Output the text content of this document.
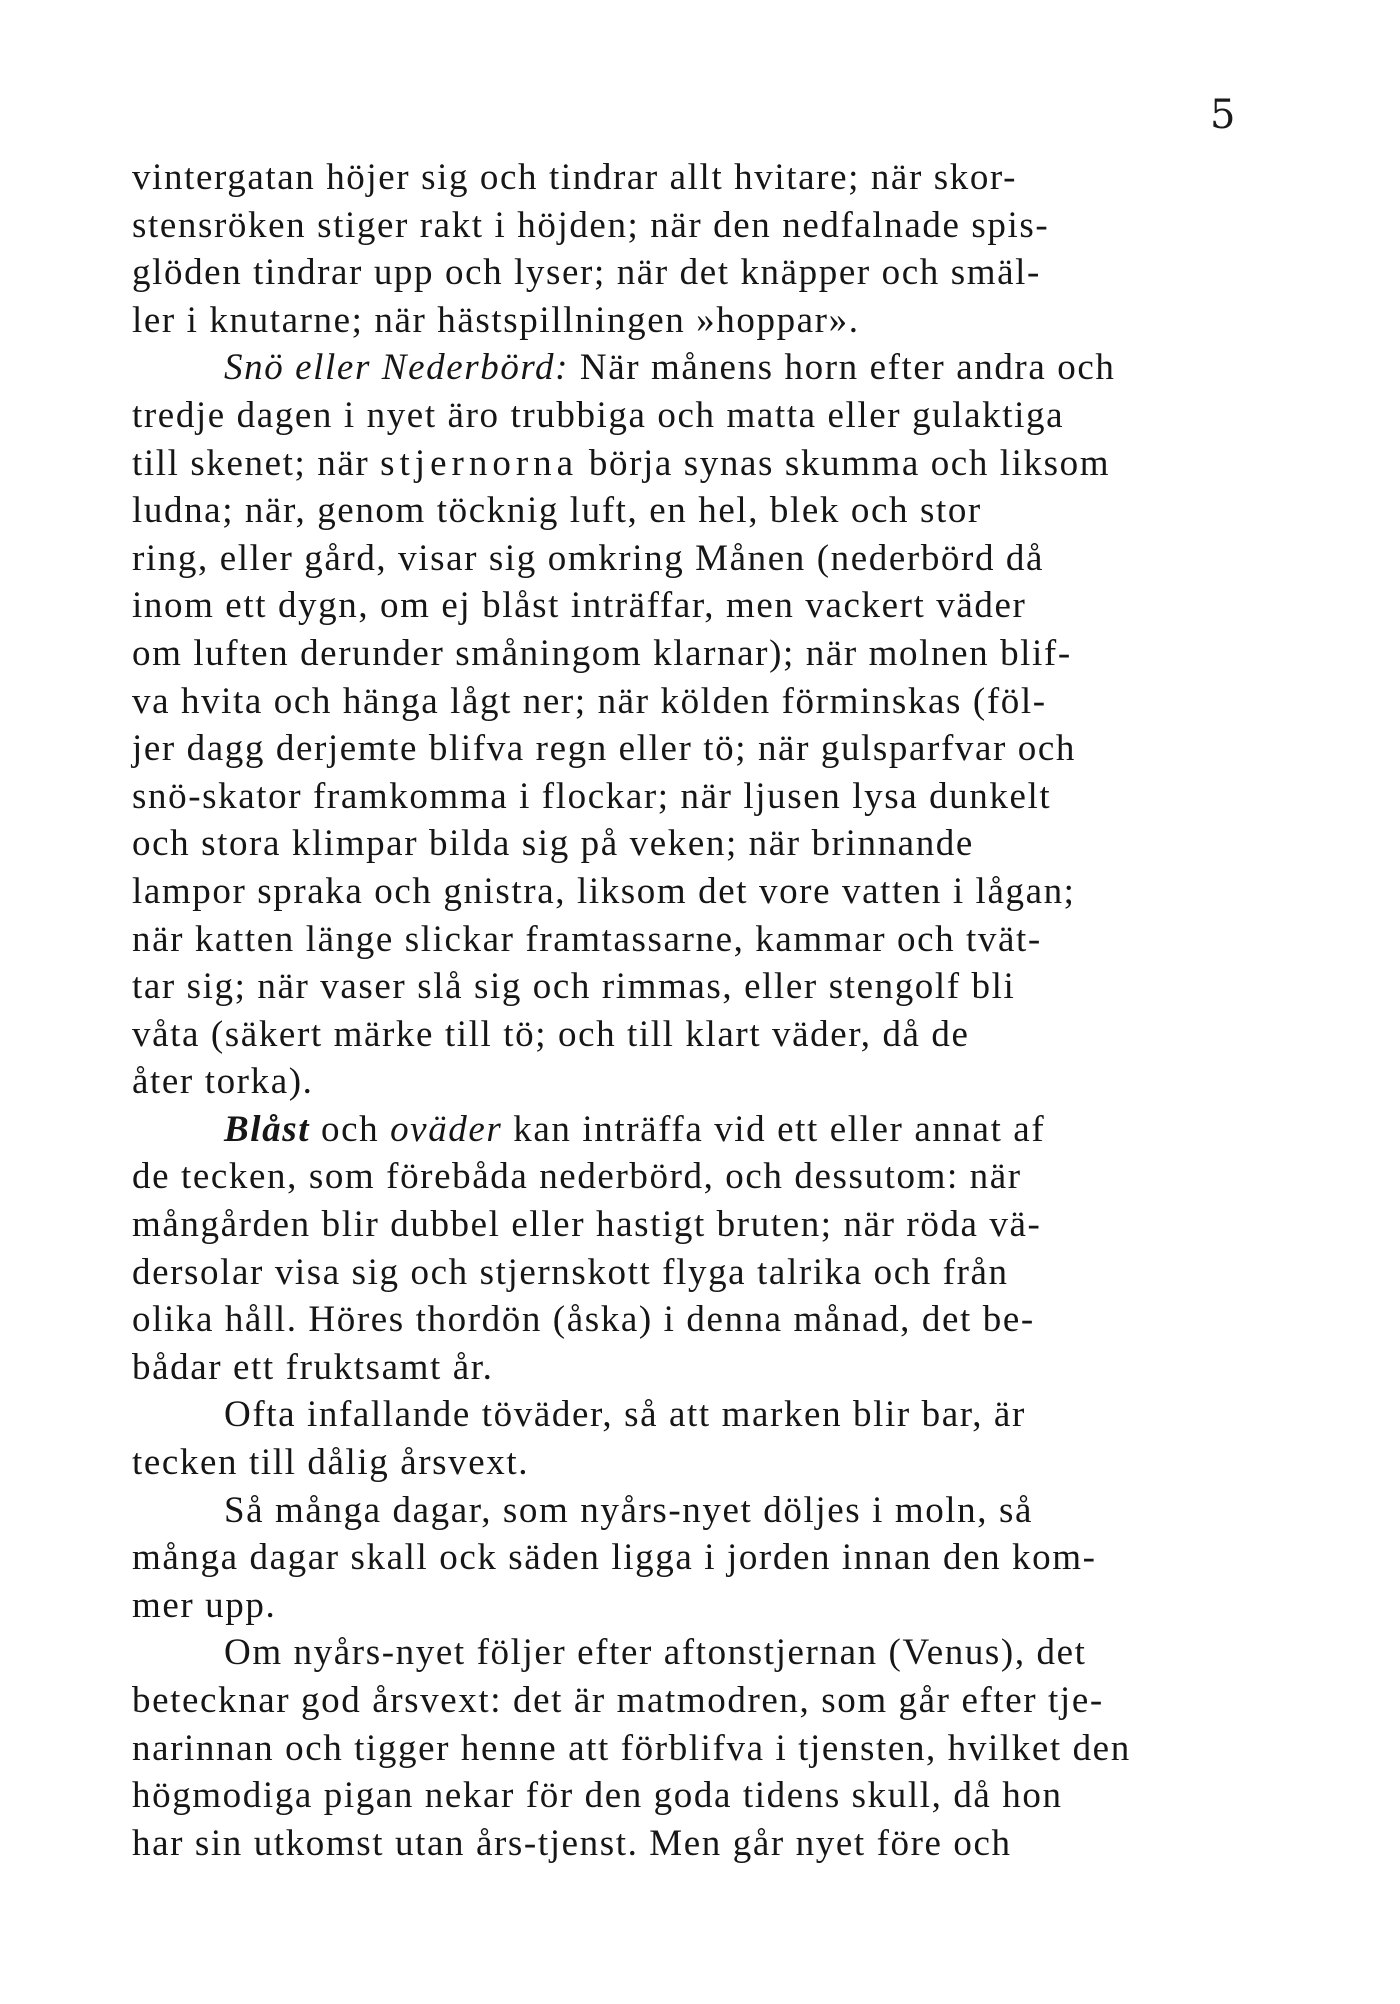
5
vintergatan höjer sig och tindrar allt hvitare; när skor-
stensröken stiger rakt i höjden; när den nedfalnade spis-
glöden tindrar upp och lyser; när det knäpper och smäl-
ler i knutarne; när hästspillningen »hoppar».
Snö eller Nederbörd: När månens horn efter andra och
tredje dagen i nyet äro trubbiga och matta eller gulaktiga
till skenet; när stjernorna börja synas skumma och liksom
ludna; när, genom töcknig luft, en hel, blek och stor
ring, eller gård, visar sig omkring Månen (nederbörd då
inom ett dygn, om ej blåst inträffar, men vackert väder
om luften derunder småningom klarnar); när molnen blif-
va hvita och hänga lågt ner; när kölden förminskas (föl-
jer dagg derjemte blifva regn eller tö; när gulsparfvar och
snö-skator framkomma i flockar; när ljusen lysa dunkelt
och stora klimpar bilda sig på veken; när brinnande
lampor spraka och gnistra, liksom det vore vatten i lågan;
när katten länge slickar framtassarne, kammar och tvät-
tar sig; när vaser slå sig och rimmas, eller stengolf bli
våta (säkert märke till tö; och till klart väder, då de
åter torka).
Blåst och oväder kan inträffa vid ett eller annat af
de tecken, som förebåda nederbörd, och dessutom: när
mångården blir dubbel eller hastigt bruten; när röda vä-
dersolar visa sig och stjernskott flyga talrika och från
olika håll. Höres thordön (åska) i denna månad, det be-
bådar ett fruktsamt år.
Ofta infallande töväder, så att marken blir bar, är
tecken till dålig årsvext.
Så många dagar, som nyårs-nyet döljes i moln, så
många dagar skall ock säden ligga i jorden innan den kom-
mer upp.
Om nyårs-nyet följer efter aftonstjernan (Venus), det
betecknar god årsvext: det är matmodren, som går efter tje-
narinnan och tigger henne att förblifva i tjensten, hvilket den
högmodiga pigan nekar för den goda tidens skull, då hon
har sin utkomst utan års-tjenst. Men går nyet före och
